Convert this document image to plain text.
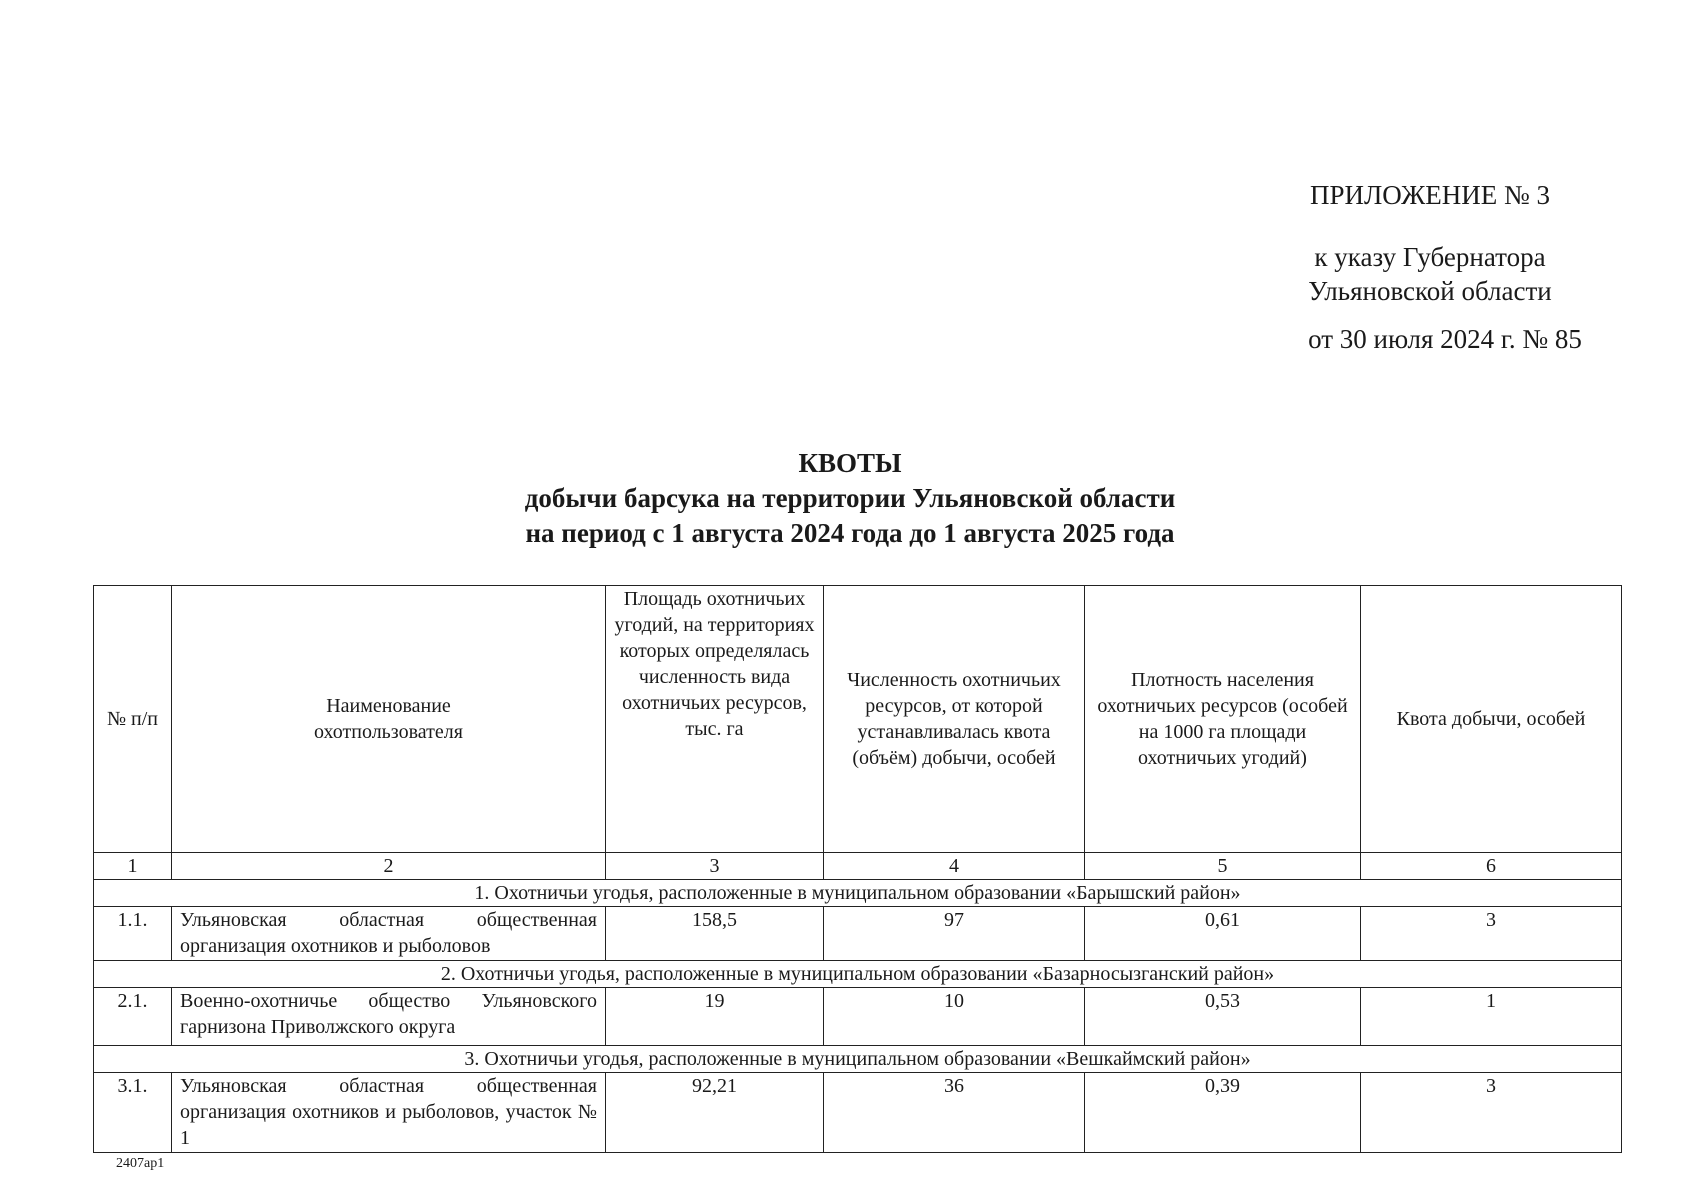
ПРИЛОЖЕНИЕ № 3
к указу Губернатора
Ульяновской области
от 30 июля 2024 г. № 85
КВОТЫ
добычи барсука на территории Ульяновской области
на период с 1 августа 2024 года до 1 августа 2025 года
№ п/п	Наименование охотпользователя	Площадь охотничьих угодий, на территориях которых определялась численность вида охотничьих ресурсов, тыс. га	Численность охотничьих ресурсов, от которой устанавливалась квота (объём) добычи, особей	Плотность населения охотничьих ресурсов (особей на 1000 га площади охотничьих угодий)	Квота добычи, особей
1	2	3	4	5	6
1. Охотничьи угодья, расположенные в муниципальном образовании «Барышский район»					
1.1.	Ульяновская областная общественная организация охотников и рыболовов	158,5	97	0,61	3
2. Охотничьи угодья, расположенные в муниципальном образовании «Базарносызганский район»					
2.1.	Военно-охотничье общество Ульяновского гарнизона Приволжского округа	19	10	0,53	1
3. Охотничьи угодья, расположенные в муниципальном образовании «Вешкаймский район»					
3.1.	Ульяновская областная общественная организация охотников и рыболовов, участок № 1	92,21	36	0,39	3
2407ap1
